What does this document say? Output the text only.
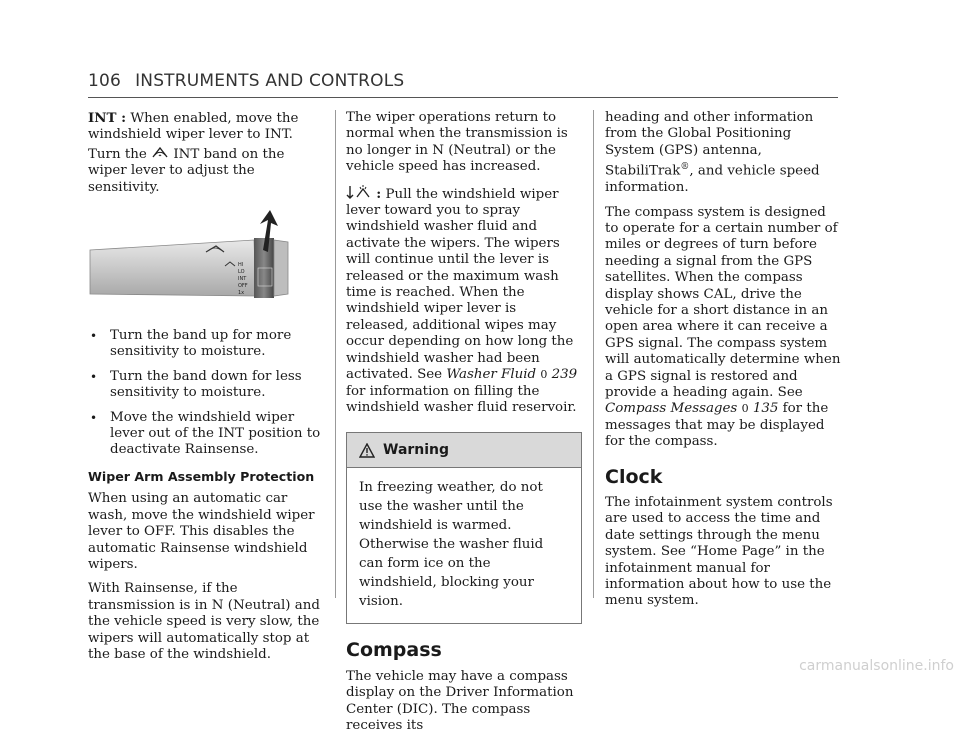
106 INSTRUMENTS AND CONTROLS

INT : When enabled, move the windshield wiper lever to INT. Turn the INT band on the wiper lever to adjust the sensitivity.

HI
LO
INT
OFF
1x
• Turn the band up for more sensitivity to moisture.
• Turn the band down for less sensitivity to moisture.
• Move the windshield wiper lever out of the INT position to deactivate Rainsense.
Wiper Arm Assembly Protection

When using an automatic car wash, move the windshield wiper lever to OFF. This disables the automatic Rainsense windshield wipers.

With Rainsense, if the transmission is in N (Neutral) and the vehicle speed is very slow, the wipers will automatically stop at the base of the windshield.

The wiper operations return to normal when the transmission is no longer in N (Neutral) or the vehicle speed has increased.

: Pull the windshield wiper lever toward you to spray windshield washer fluid and activate the wipers. The wipers will continue until the lever is released or the maximum wash time is reached. When the windshield wiper lever is released, additional wipes may occur depending on how long the windshield washer had been activated. See Washer Fluid 0 239 for information on filling the windshield washer fluid reservoir.

Warning

In freezing weather, do not use the washer until the windshield is warmed. Otherwise the washer fluid can form ice on the windshield, blocking your vision.

Compass

The vehicle may have a compass display on the Driver Information Center (DIC). The compass receives its

heading and other information from the Global Positioning System (GPS) antenna, StabiliTrak®, and vehicle speed information.

The compass system is designed to operate for a certain number of miles or degrees of turn before needing a signal from the GPS satellites. When the compass display shows CAL, drive the vehicle for a short distance in an open area where it can receive a GPS signal. The compass system will automatically determine when a GPS signal is restored and provide a heading again. See Compass Messages 0 135 for the messages that may be displayed for the compass.

Clock

The infotainment system controls are used to access the time and date settings through the menu system. See “Home Page” in the infotainment manual for information about how to use the menu system.

carmanualsonline.info
